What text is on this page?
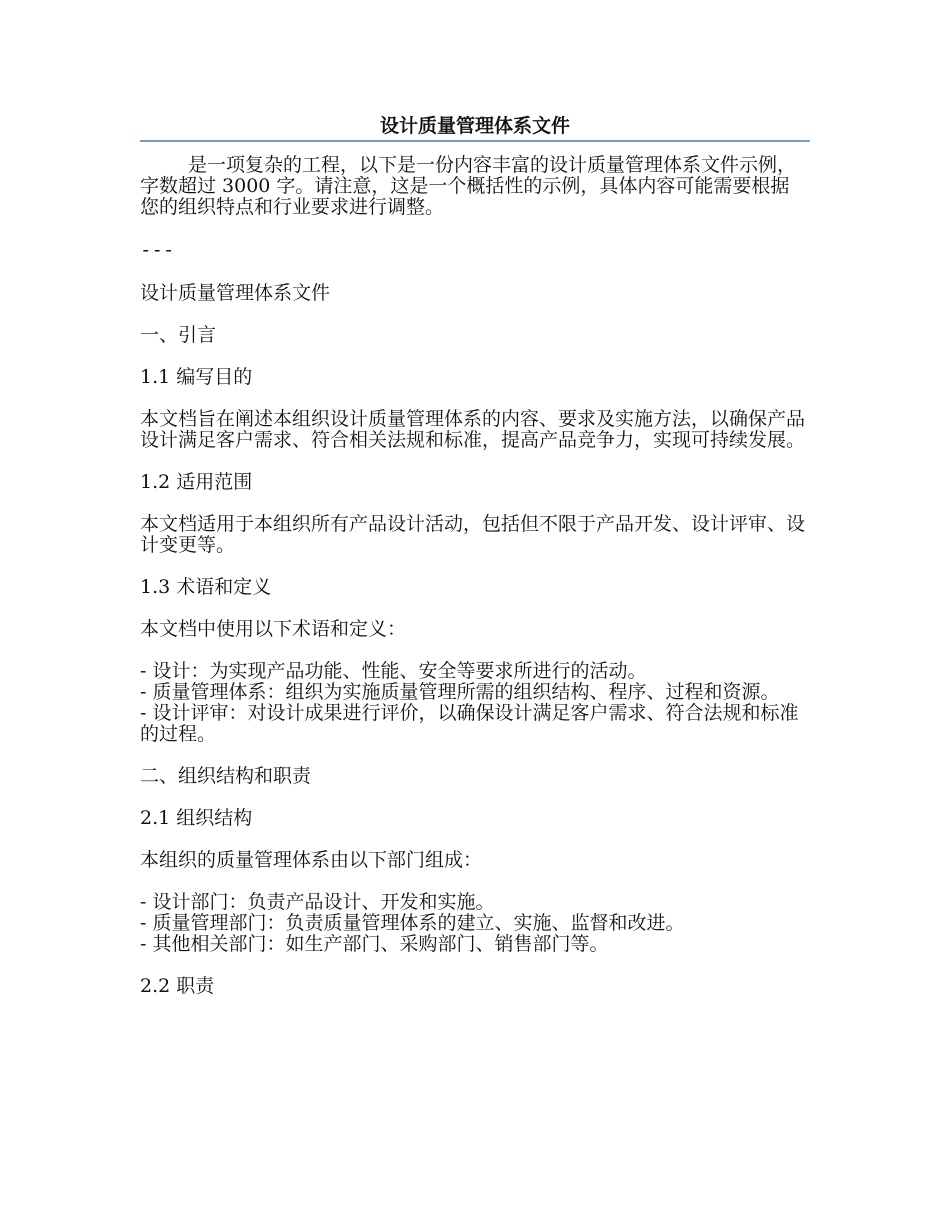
设计质量管理体系文件

是一项复杂的工程，以下是一份内容丰富的设计质量管理体系文件示例，字数超过 3000 字。请注意，这是一个概括性的示例，具体内容可能需要根据您的组织特点和行业要求进行调整。

---

设计质量管理体系文件

一、引言

1.1 编写目的

本文档旨在阐述本组织设计质量管理体系的内容、要求及实施方法，以确保产品设计满足客户需求、符合相关法规和标准，提高产品竞争力，实现可持续发展。

1.2 适用范围

本文档适用于本组织所有产品设计活动，包括但不限于产品开发、设计评审、设计变更等。

1.3 术语和定义

本文档中使用以下术语和定义：

- 设计：为实现产品功能、性能、安全等要求所进行的活动。

- 质量管理体系：组织为实施质量管理所需的组织结构、程序、过程和资源。

- 设计评审：对设计成果进行评价，以确保设计满足客户需求、符合法规和标准的过程。

二、组织结构和职责

2.1 组织结构

本组织的质量管理体系由以下部门组成：

- 设计部门：负责产品设计、开发和实施。

- 质量管理部门：负责质量管理体系的建立、实施、监督和改进。

- 其他相关部门：如生产部门、采购部门、销售部门等。

2.2 职责
